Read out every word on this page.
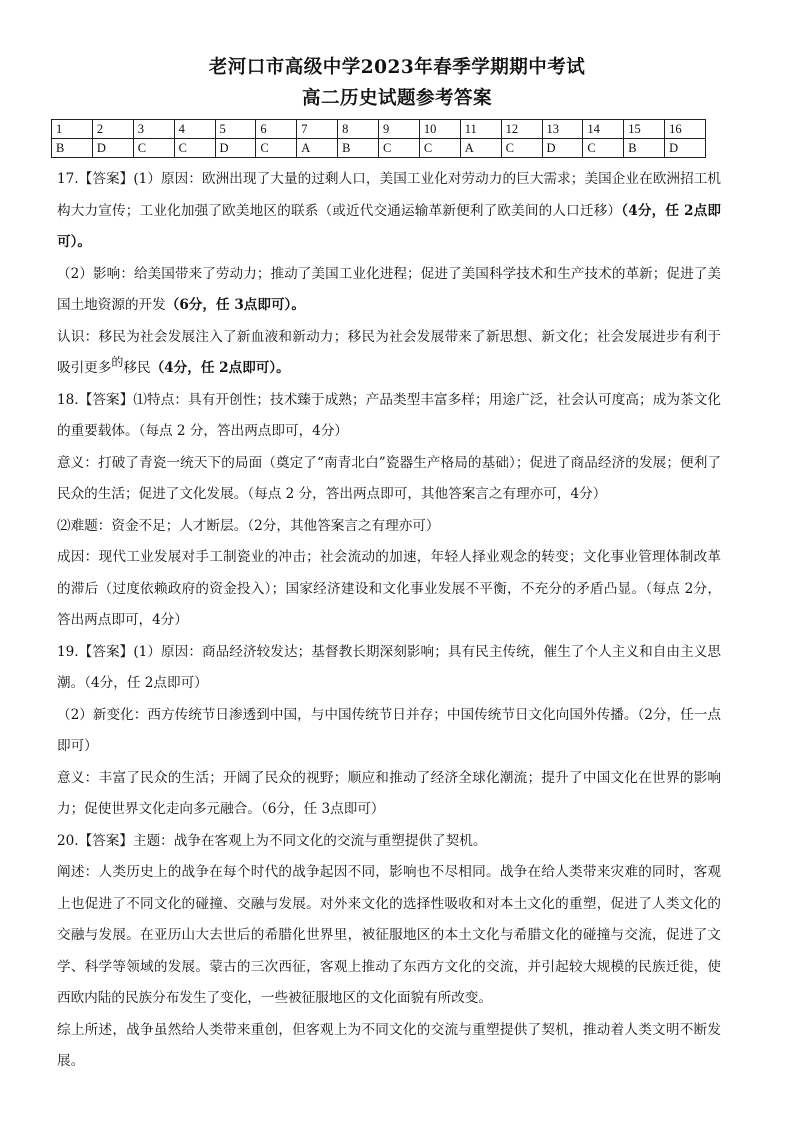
老河口市高级中学2023年春季学期期中考试
高二历史试题参考答案
1	2	3	4	5	6	7	8	9	10	11	12	13	14	15	16
B	D	C	C	D	C	A	B	C	C	A	C	D	C	B	D

17.【答案】(1）原因：欧洲出现了大量的过剩人口，美国工业化对劳动力的巨大需求；美国企业在欧洲招工机构大力宣传；工业化加强了欧美地区的联系（或近代交通运输革新便利了欧美间的人口迁移）（4分，任 2点即可）。

（2）影响：给美国带来了劳动力；推动了美国工业化进程；促进了美国科学技术和生产技术的革新；促进了美国土地资源的开发（6分，任 3点即可）。

认识：移民为社会发展注入了新血液和新动力；移民为社会发展带来了新思想、新文化；社会发展进步有利于吸引更多的移民（4分，任 2点即可）。

18.【答案】⑴特点：具有开创性；技术臻于成熟；产品类型丰富多样；用途广泛，社会认可度高；成为茶文化的重要载体。（每点 2 分，答出两点即可，4分）

意义：打破了青瓷一统天下的局面（奠定了“南青北白”瓷器生产格局的基础）；促进了商品经济的发展；便利了民众的生活；促进了文化发展。（每点 2 分，答出两点即可，其他答案言之有理亦可，4分）

⑵难题：资金不足；人才断层。（2分，其他答案言之有理亦可）

成因：现代工业发展对手工制瓷业的冲击；社会流动的加速，年轻人择业观念的转变；文化事业管理体制改革的滞后（过度依赖政府的资金投入）；国家经济建设和文化事业发展不平衡，不充分的矛盾凸显。（每点 2分，答出两点即可，4分）

19.【答案】(1）原因：商品经济较发达；基督教长期深刻影响；具有民主传统，催生了个人主义和自由主义思潮。（4分，任 2点即可）

（2）新变化：西方传统节日渗透到中国，与中国传统节日并存；中国传统节日文化向国外传播。（2分，任一点即可）

意义：丰富了民众的生活；开阔了民众的视野；顺应和推动了经济全球化潮流；提升了中国文化在世界的影响力；促使世界文化走向多元融合。（6分，任 3点即可）

20.【答案】主题：战争在客观上为不同文化的交流与重塑提供了契机。

阐述：人类历史上的战争在每个时代的战争起因不同，影响也不尽相同。战争在给人类带来灾难的同时，客观上也促进了不同文化的碰撞、交融与发展。对外来文化的选择性吸收和对本土文化的重塑，促进了人类文化的交融与发展。在亚历山大去世后的希腊化世界里，被征服地区的本土文化与希腊文化的碰撞与交流，促进了文学、科学等领域的发展。蒙古的三次西征，客观上推动了东西方文化的交流，并引起较大规模的民族迁徙，使西欧内陆的民族分布发生了变化，一些被征服地区的文化面貌有所改变。

综上所述，战争虽然给人类带来重创，但客观上为不同文化的交流与重塑提供了契机，推动着人类文明不断发展。
